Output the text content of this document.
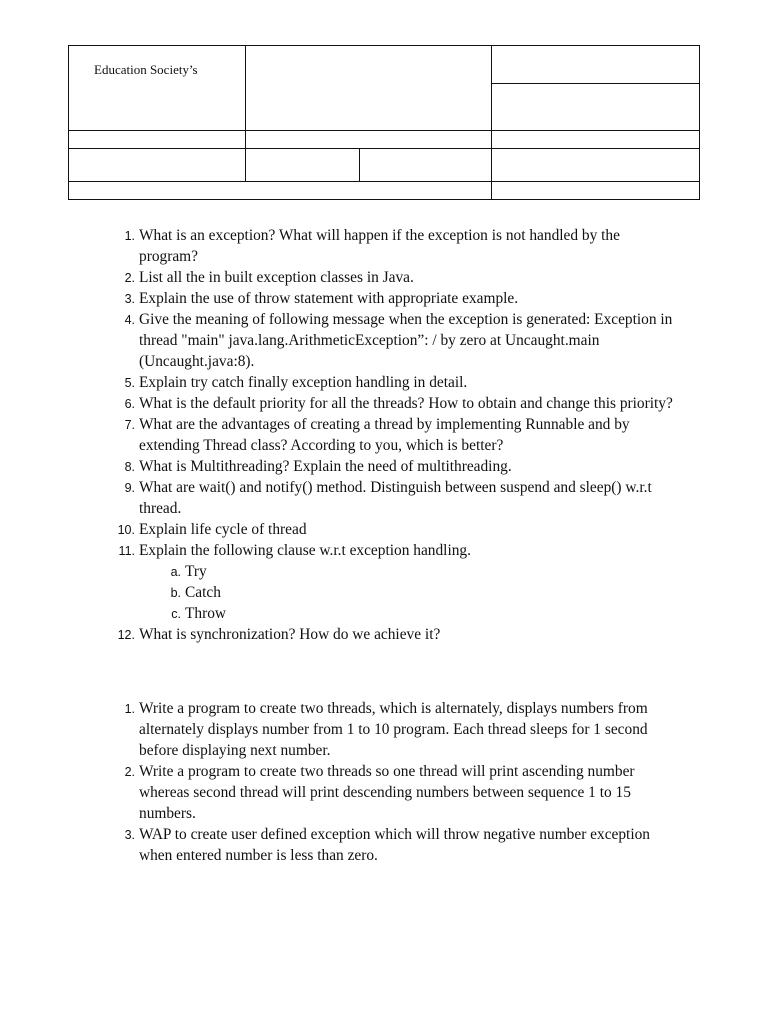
Education Society’s
1. What is an exception? What will happen if the exception is not handled by the program?
2. List all the in built exception classes in Java.
3. Explain the use of throw statement with appropriate example.
4. Give the meaning of following message when the exception is generated: Exception in thread "main" java.lang.ArithmeticException”: / by zero at Uncaught.main (Uncaught.java:8).
5. Explain try catch finally exception handling in detail.
6. What is the default priority for all the threads? How to obtain and change this priority?
7. What are the advantages of creating a thread by implementing Runnable and by extending Thread class? According to you, which is better?
8. What is Multithreading? Explain the need of multithreading.
9. What are wait() and notify() method. Distinguish between suspend and sleep() w.r.t thread.
10. Explain life cycle of thread
11. Explain the following clause w.r.t exception handling.
a. Try
b. Catch
c. Throw
12. What is synchronization? How do we achieve it?
1. Write a program to create two threads, which is alternately, displays numbers from alternately displays number from 1 to 10 program. Each thread sleeps for 1 second before displaying next number.
2. Write a program to create two threads so one thread will print ascending number whereas second thread will print descending numbers between sequence 1 to 15 numbers.
3. WAP to create user defined exception which will throw negative number exception when entered number is less than zero.
